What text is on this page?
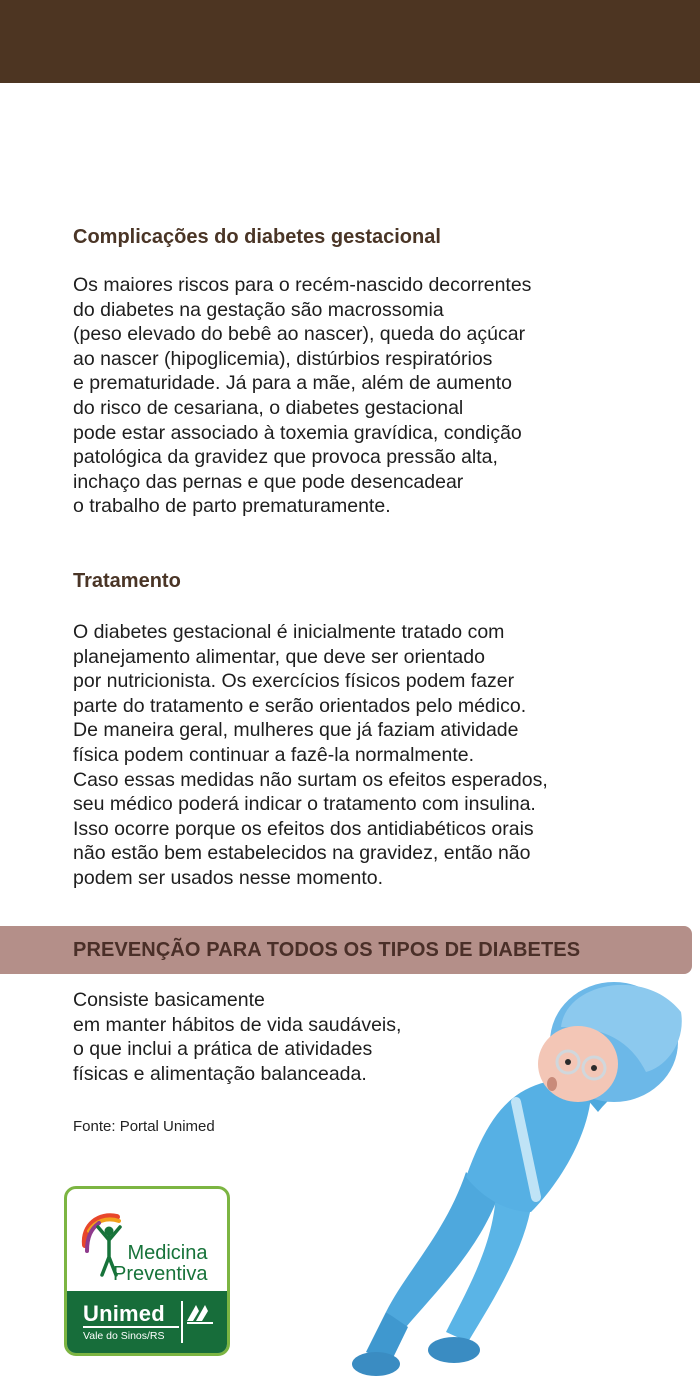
Complicações do diabetes gestacional

Os maiores riscos para o recém-nascido decorrentes
do diabetes na gestação são macrossomia
(peso elevado do bebê ao nascer), queda do açúcar
ao nascer (hipoglicemia), distúrbios respiratórios
e prematuridade. Já para a mãe, além de aumento
do risco de cesariana, o diabetes gestacional
pode estar associado à toxemia gravídica, condição
patológica da gravidez que provoca pressão alta,
inchaço das pernas e que pode desencadear
o trabalho de parto prematuramente.

Tratamento

O diabetes gestacional é inicialmente tratado com
planejamento alimentar, que deve ser orientado
por nutricionista. Os exercícios físicos podem fazer
parte do tratamento e serão orientados pelo médico.
De maneira geral, mulheres que já faziam atividade
física podem continuar a fazê-la normalmente.
Caso essas medidas não surtam os efeitos esperados,
seu médico poderá indicar o tratamento com insulina.
Isso ocorre porque os efeitos dos antidiabéticos orais
não estão bem estabelecidos na gravidez, então não
podem ser usados nesse momento.

PREVENÇÃO PARA TODOS OS TIPOS DE DIABETES

Consiste basicamente
em manter hábitos de vida saudáveis,
o que inclui a prática de atividades
físicas e alimentação balanceada.

Fonte: Portal Unimed

Medicina
Preventiva

Unimed

Vale do Sinos/RS
